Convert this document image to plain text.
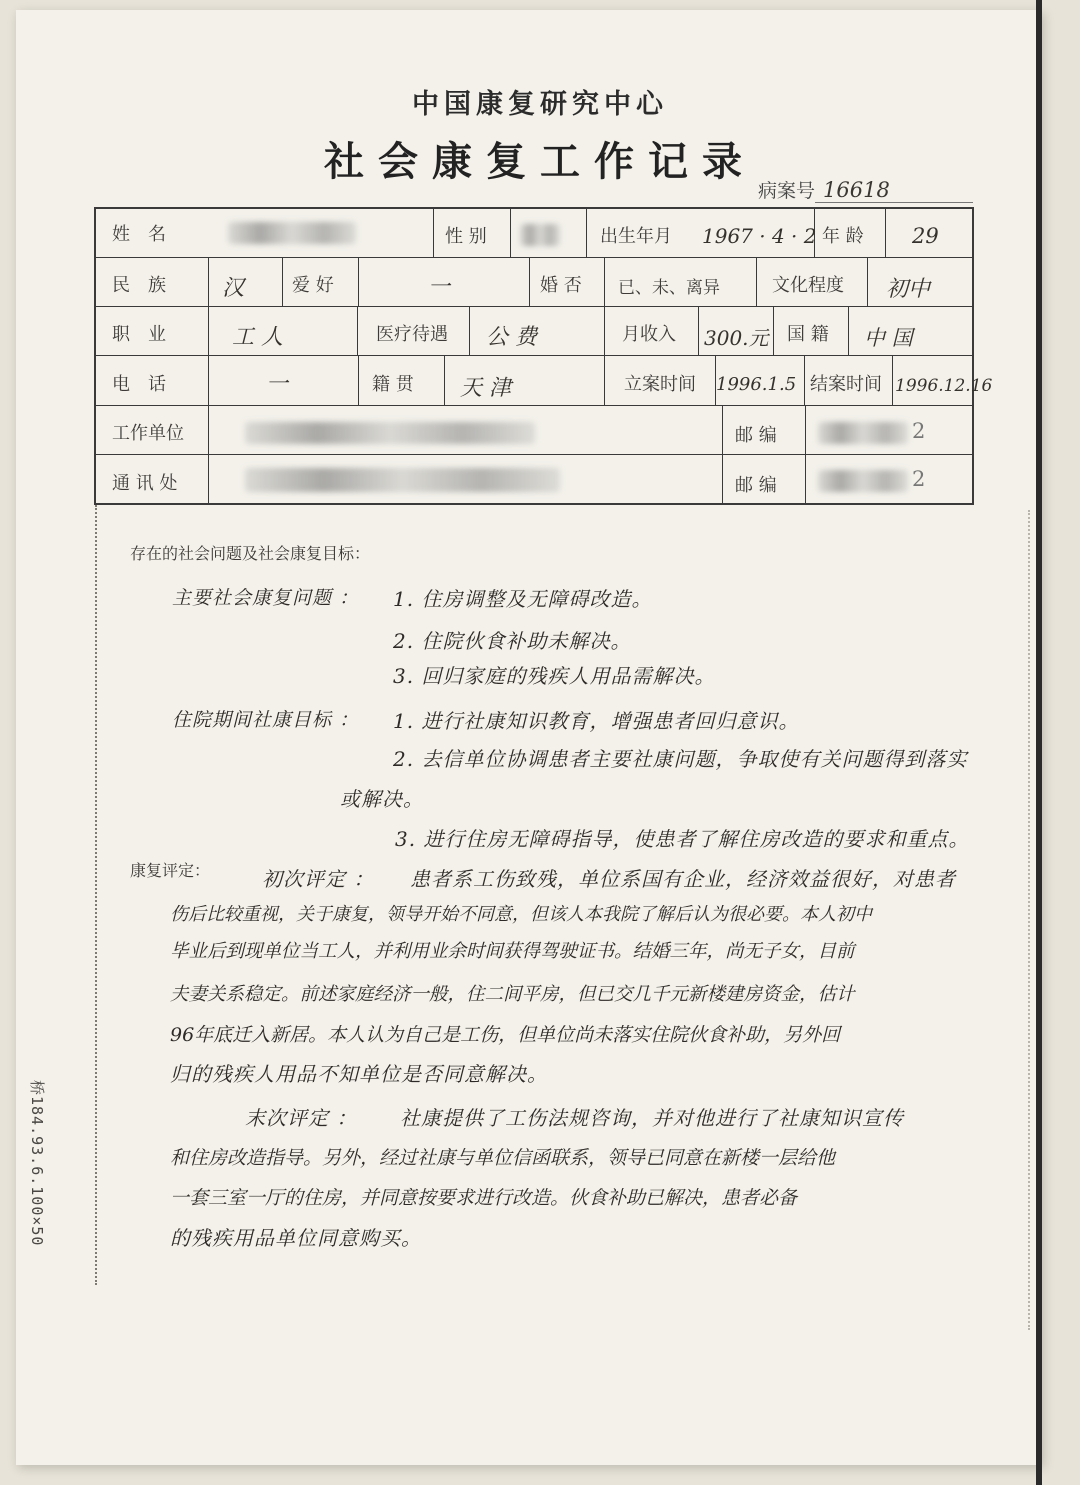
中国康复研究中心
社会康复工作记录
病案号 16618
姓　名	性 别	出生年月 1967 · 4 · 2 年 龄 29
民　族	汉	爱 好	一	婚 否 已、未、离异	文化程度 初中
职　业	工 人	医疗待遇 公 费	月收入 300.元 国 籍 中 国
电　话	一	籍 贯 天 津	立案时间 1996.1.5 结案时间 1996.12.16
工作单位	邮 编	2
通 讯 处	邮 编	2
存在的社会问题及社会康复目标：
主要社会康复问题 ： 1. 住房调整及无障碍改造。
2. 住院伙食补助未解决。
3. 回归家庭的残疾人用品需解决。
住院期间社康目标 ： 1. 进行社康知识教育，增强患者回归意识。
2. 去信单位协调患者主要社康问题，争取使有关问题得到落实
或解决。
3. 进行住房无障碍指导，使患者了解住房改造的要求和重点。
康复评定：	初次评定 ： 患者系工伤致残，单位系国有企业，经济效益很好，对患者
伤后比较重视，关于康复，领导开始不同意，但该人本我院了解后认为很必要。本人初中
毕业后到现单位当工人，并利用业余时间获得驾驶证书。结婚三年，尚无子女，目前
夫妻关系稳定。前述家庭经济一般，住二间平房，但已交几千元新楼建房资金，估计
96年底迁入新居。本人认为自己是工伤，但单位尚未落实住院伙食补助，另外回
归的残疾人用品不知单位是否同意解决。
末次评定 ： 社康提供了工伤法规咨询，并对他进行了社康知识宣传
和住房改造指导。另外，经过社康与单位信函联系，领导已同意在新楼一层给他
一套三室一厅的住房，并同意按要求进行改造。伙食补助已解决，患者必备
的残疾用品单位同意购买。
桥184.93.6.100×50
